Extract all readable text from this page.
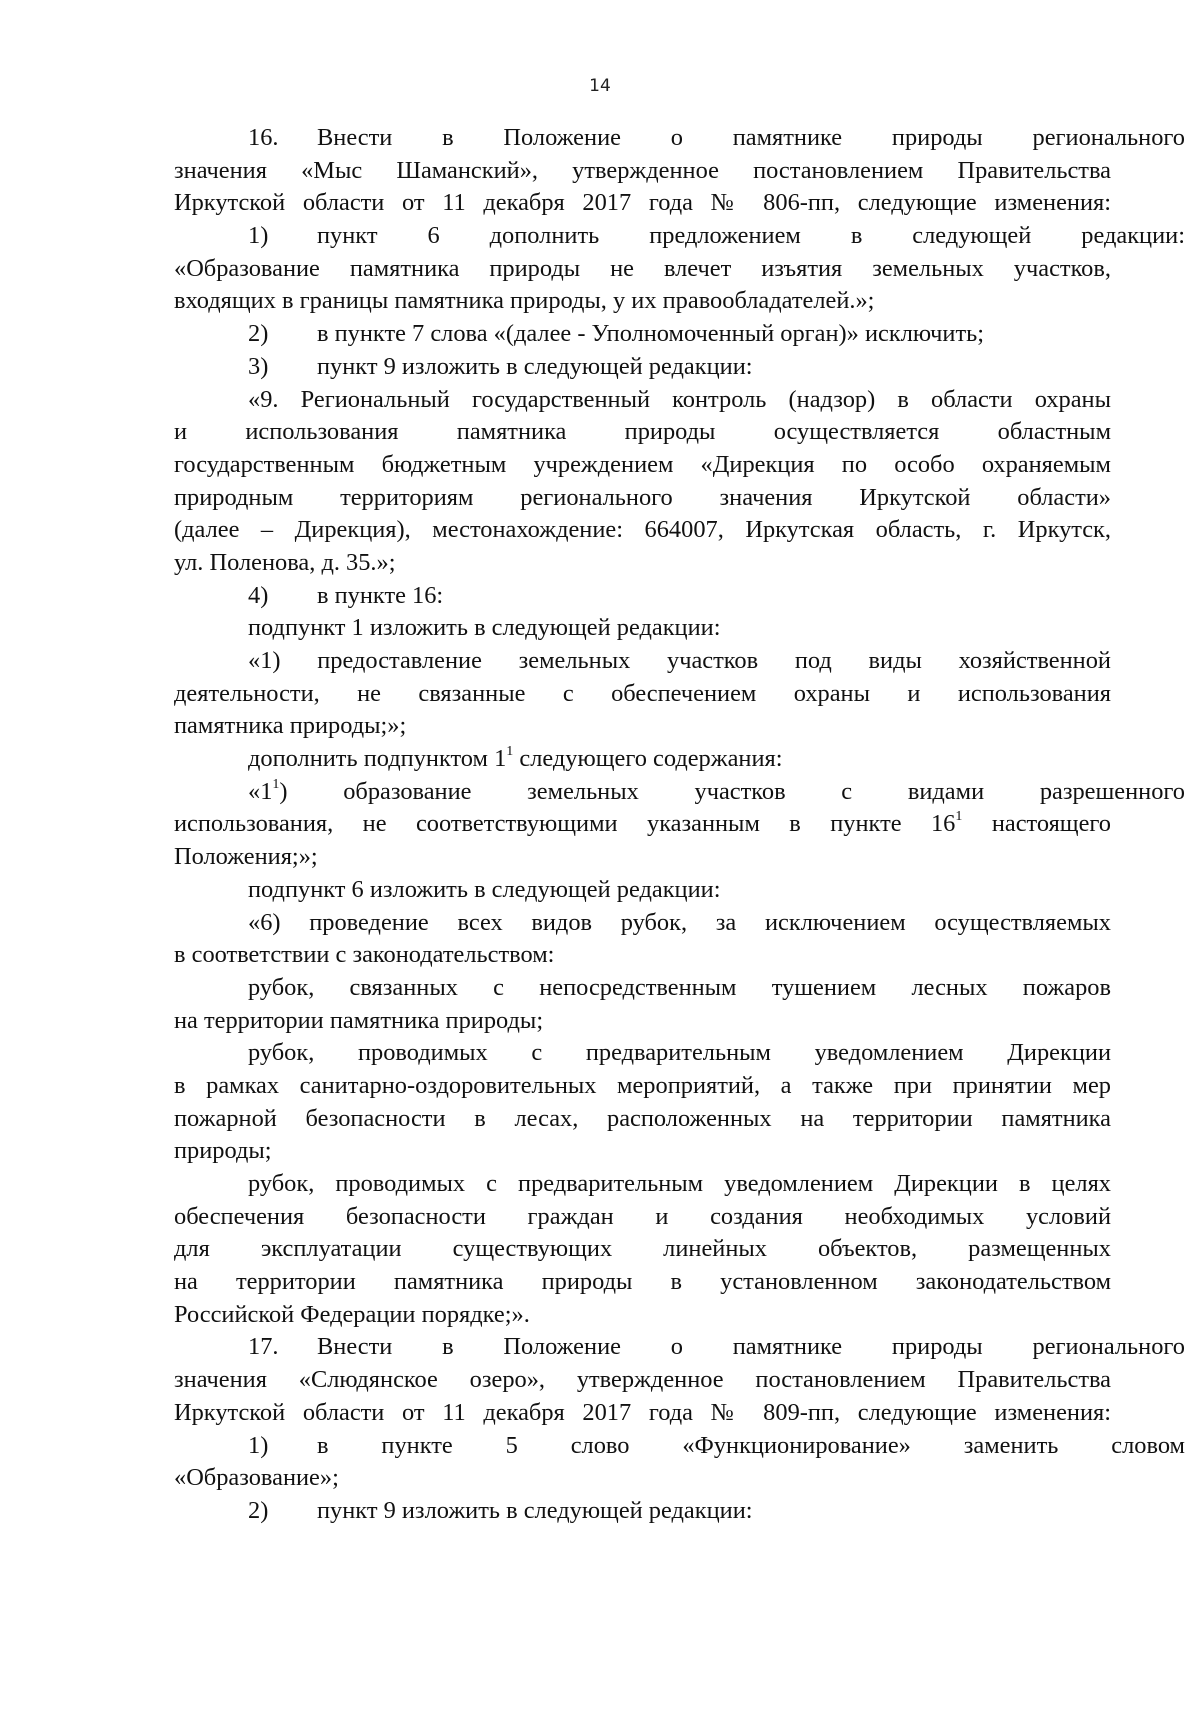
14
16.	Внести в Положение о памятнике природы регионального
значения «Мыс Шаманский», утвержденное постановлением Правительства
Иркутской области от 11 декабря 2017 года № 806-пп, следующие изменения:
1)	пункт 6 дополнить предложением в следующей редакции:
«Образование памятника природы не влечет изъятия земельных участков,
входящих в границы памятника природы, у их правообладателей.»;
2) в пункте 7 слова «(далее - Уполномоченный орган)» исключить;
3) пункт 9 изложить в следующей редакции:
«9. Региональный государственный контроль (надзор) в области охраны
и использования памятника природы осуществляется областным
государственным бюджетным учреждением «Дирекция по особо охраняемым
природным территориям регионального значения Иркутской области»
(далее – Дирекция), местонахождение: 664007, Иркутская область, г. Иркутск,
ул. Поленова, д. 35.»;
4) в пункте 16:
подпункт 1 изложить в следующей редакции:
«1) предоставление земельных участков под виды хозяйственной
деятельности, не связанные с обеспечением охраны и использования
памятника природы;»;
дополнить подпунктом $1^1$ следующего содержания:
«$1^1$) образование земельных участков с видами разрешенного
использования, не соответствующими указанным в пункте $16^1$ настоящего
Положения;»;
подпункт 6 изложить в следующей редакции:
«6) проведение всех видов рубок, за исключением осуществляемых
в соответствии с законодательством:
рубок, связанных с непосредственным тушением лесных пожаров
на территории памятника природы;
рубок, проводимых с предварительным уведомлением Дирекции
в рамках санитарно-оздоровительных мероприятий, а также при принятии мер
пожарной безопасности в лесах, расположенных на территории памятника
природы;
рубок, проводимых с предварительным уведомлением Дирекции в целях
обеспечения безопасности граждан и создания необходимых условий
для эксплуатации существующих линейных объектов, размещенных
на территории памятника природы в установленном законодательством
Российской Федерации порядке;».
17.	Внести в Положение о памятнике природы регионального
значения «Слюдянское озеро», утвержденное постановлением Правительства
Иркутской области от 11 декабря 2017 года № 809-пп, следующие изменения:
1)	в пункте 5 слово «Функционирование» заменить словом
«Образование»;
2) пункт 9 изложить в следующей редакции:
